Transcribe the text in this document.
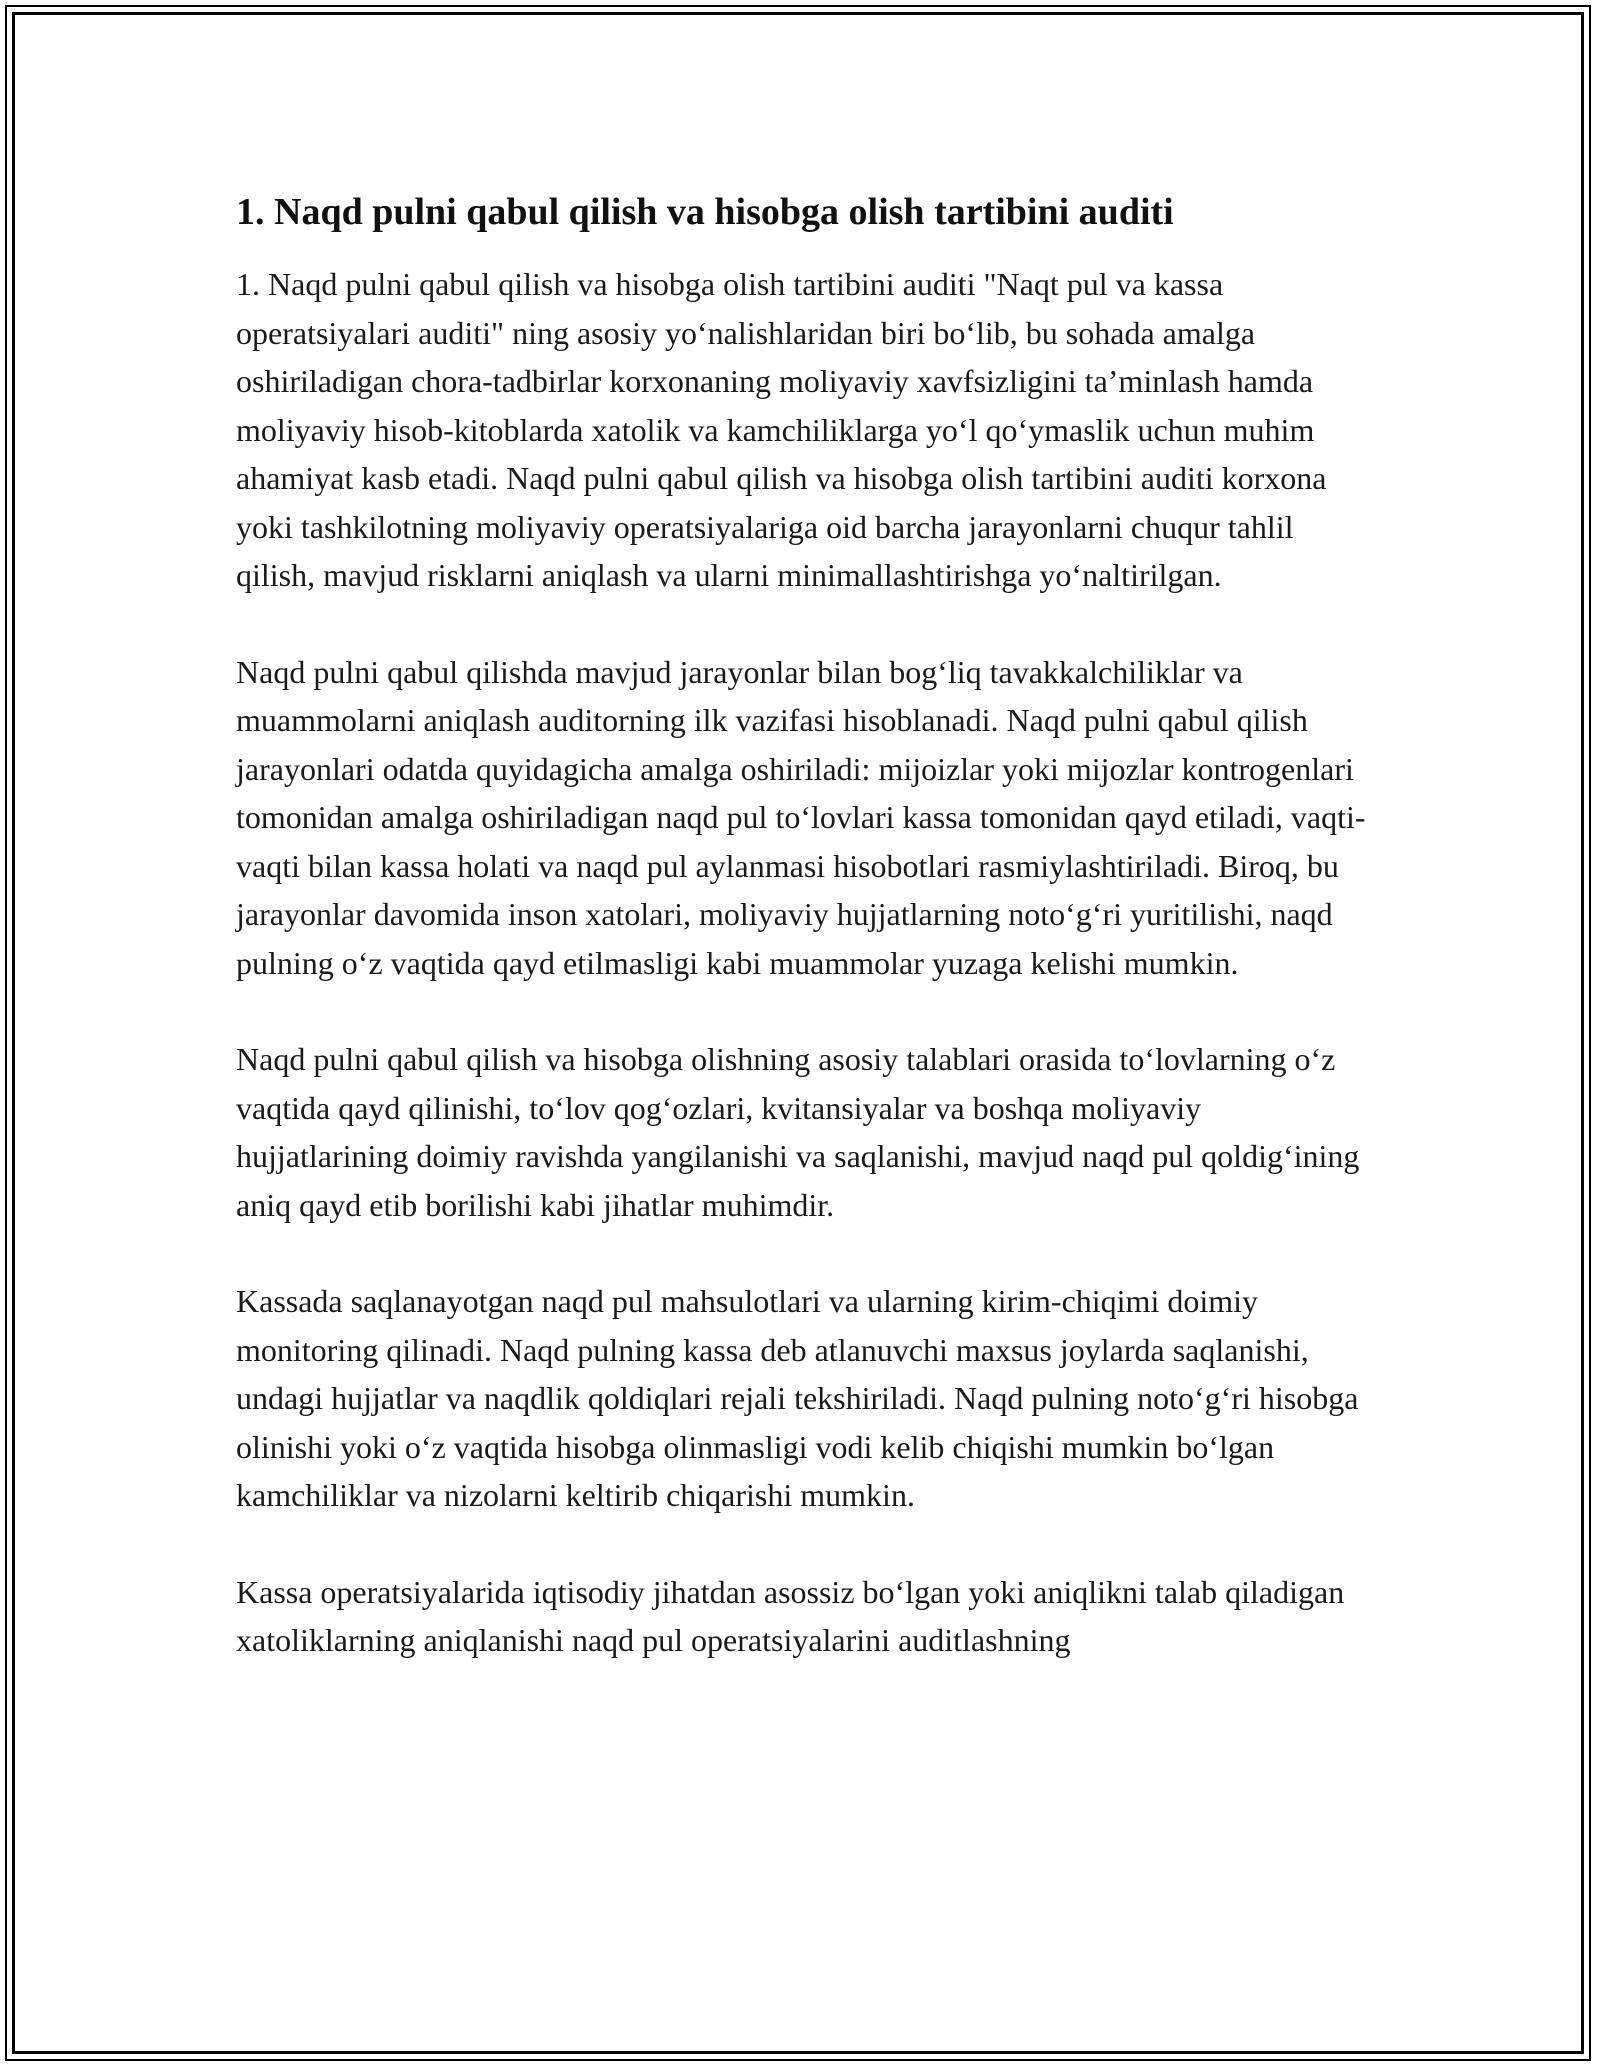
1. Naqd pulni qabul qilish va hisobga olish tartibini auditi

1. Naqd pulni qabul qilish va hisobga olish tartibini auditi "Naqt pul va kassa operatsiyalari auditi" ning asosiy yo‘nalishlaridan biri bo‘lib, bu sohada amalga oshiriladigan chora-tadbirlar korxonaning moliyaviy xavfsizligini ta’minlash hamda moliyaviy hisob-kitoblarda xatolik va kamchiliklarga yo‘l qo‘ymaslik uchun muhim ahamiyat kasb etadi. Naqd pulni qabul qilish va hisobga olish tartibini auditi korxona yoki tashkilotning moliyaviy operatsiyalariga oid barcha jarayonlarni chuqur tahlil qilish, mavjud risklarni aniqlash va ularni minimallashtirishga yo‘naltirilgan.

Naqd pulni qabul qilishda mavjud jarayonlar bilan bog‘liq tavakkalchiliklar va muammolarni aniqlash auditorning ilk vazifasi hisoblanadi. Naqd pulni qabul qilish jarayonlari odatda quyidagicha amalga oshiriladi: mijoizlar yoki mijozlar kontrogenlari tomonidan amalga oshiriladigan naqd pul to‘lovlari kassa tomonidan qayd etiladi, vaqti-vaqti bilan kassa holati va naqd pul aylanmasi hisobotlari rasmiylashtiriladi. Biroq, bu jarayonlar davomida inson xatolari, moliyaviy hujjatlarning noto‘g‘ri yuritilishi, naqd pulning o‘z vaqtida qayd etilmasligi kabi muammolar yuzaga kelishi mumkin.

Naqd pulni qabul qilish va hisobga olishning asosiy talablari orasida to‘lovlarning o‘z vaqtida qayd qilinishi, to‘lov qog‘ozlari, kvitansiyalar va boshqa moliyaviy hujjatlarining doimiy ravishda yangilanishi va saqlanishi, mavjud naqd pul qoldig‘ining aniq qayd etib borilishi kabi jihatlar muhimdir.

Kassada saqlanayotgan naqd pul mahsulotlari va ularning kirim-chiqimi doimiy monitoring qilinadi. Naqd pulning kassa deb atlanuvchi maxsus joylarda saqlanishi, undagi hujjatlar va naqdlik qoldiqlari rejali tekshiriladi. Naqd pulning noto‘g‘ri hisobga olinishi yoki o‘z vaqtida hisobga olinmasligi vodi kelib chiqishi mumkin bo‘lgan kamchiliklar va nizolarni keltirib chiqarishi mumkin.

Kassa operatsiyalarida iqtisodiy jihatdan asossiz bo‘lgan yoki aniqlikni talab qiladigan xatoliklarning aniqlanishi naqd pul operatsiyalarini auditlashning
